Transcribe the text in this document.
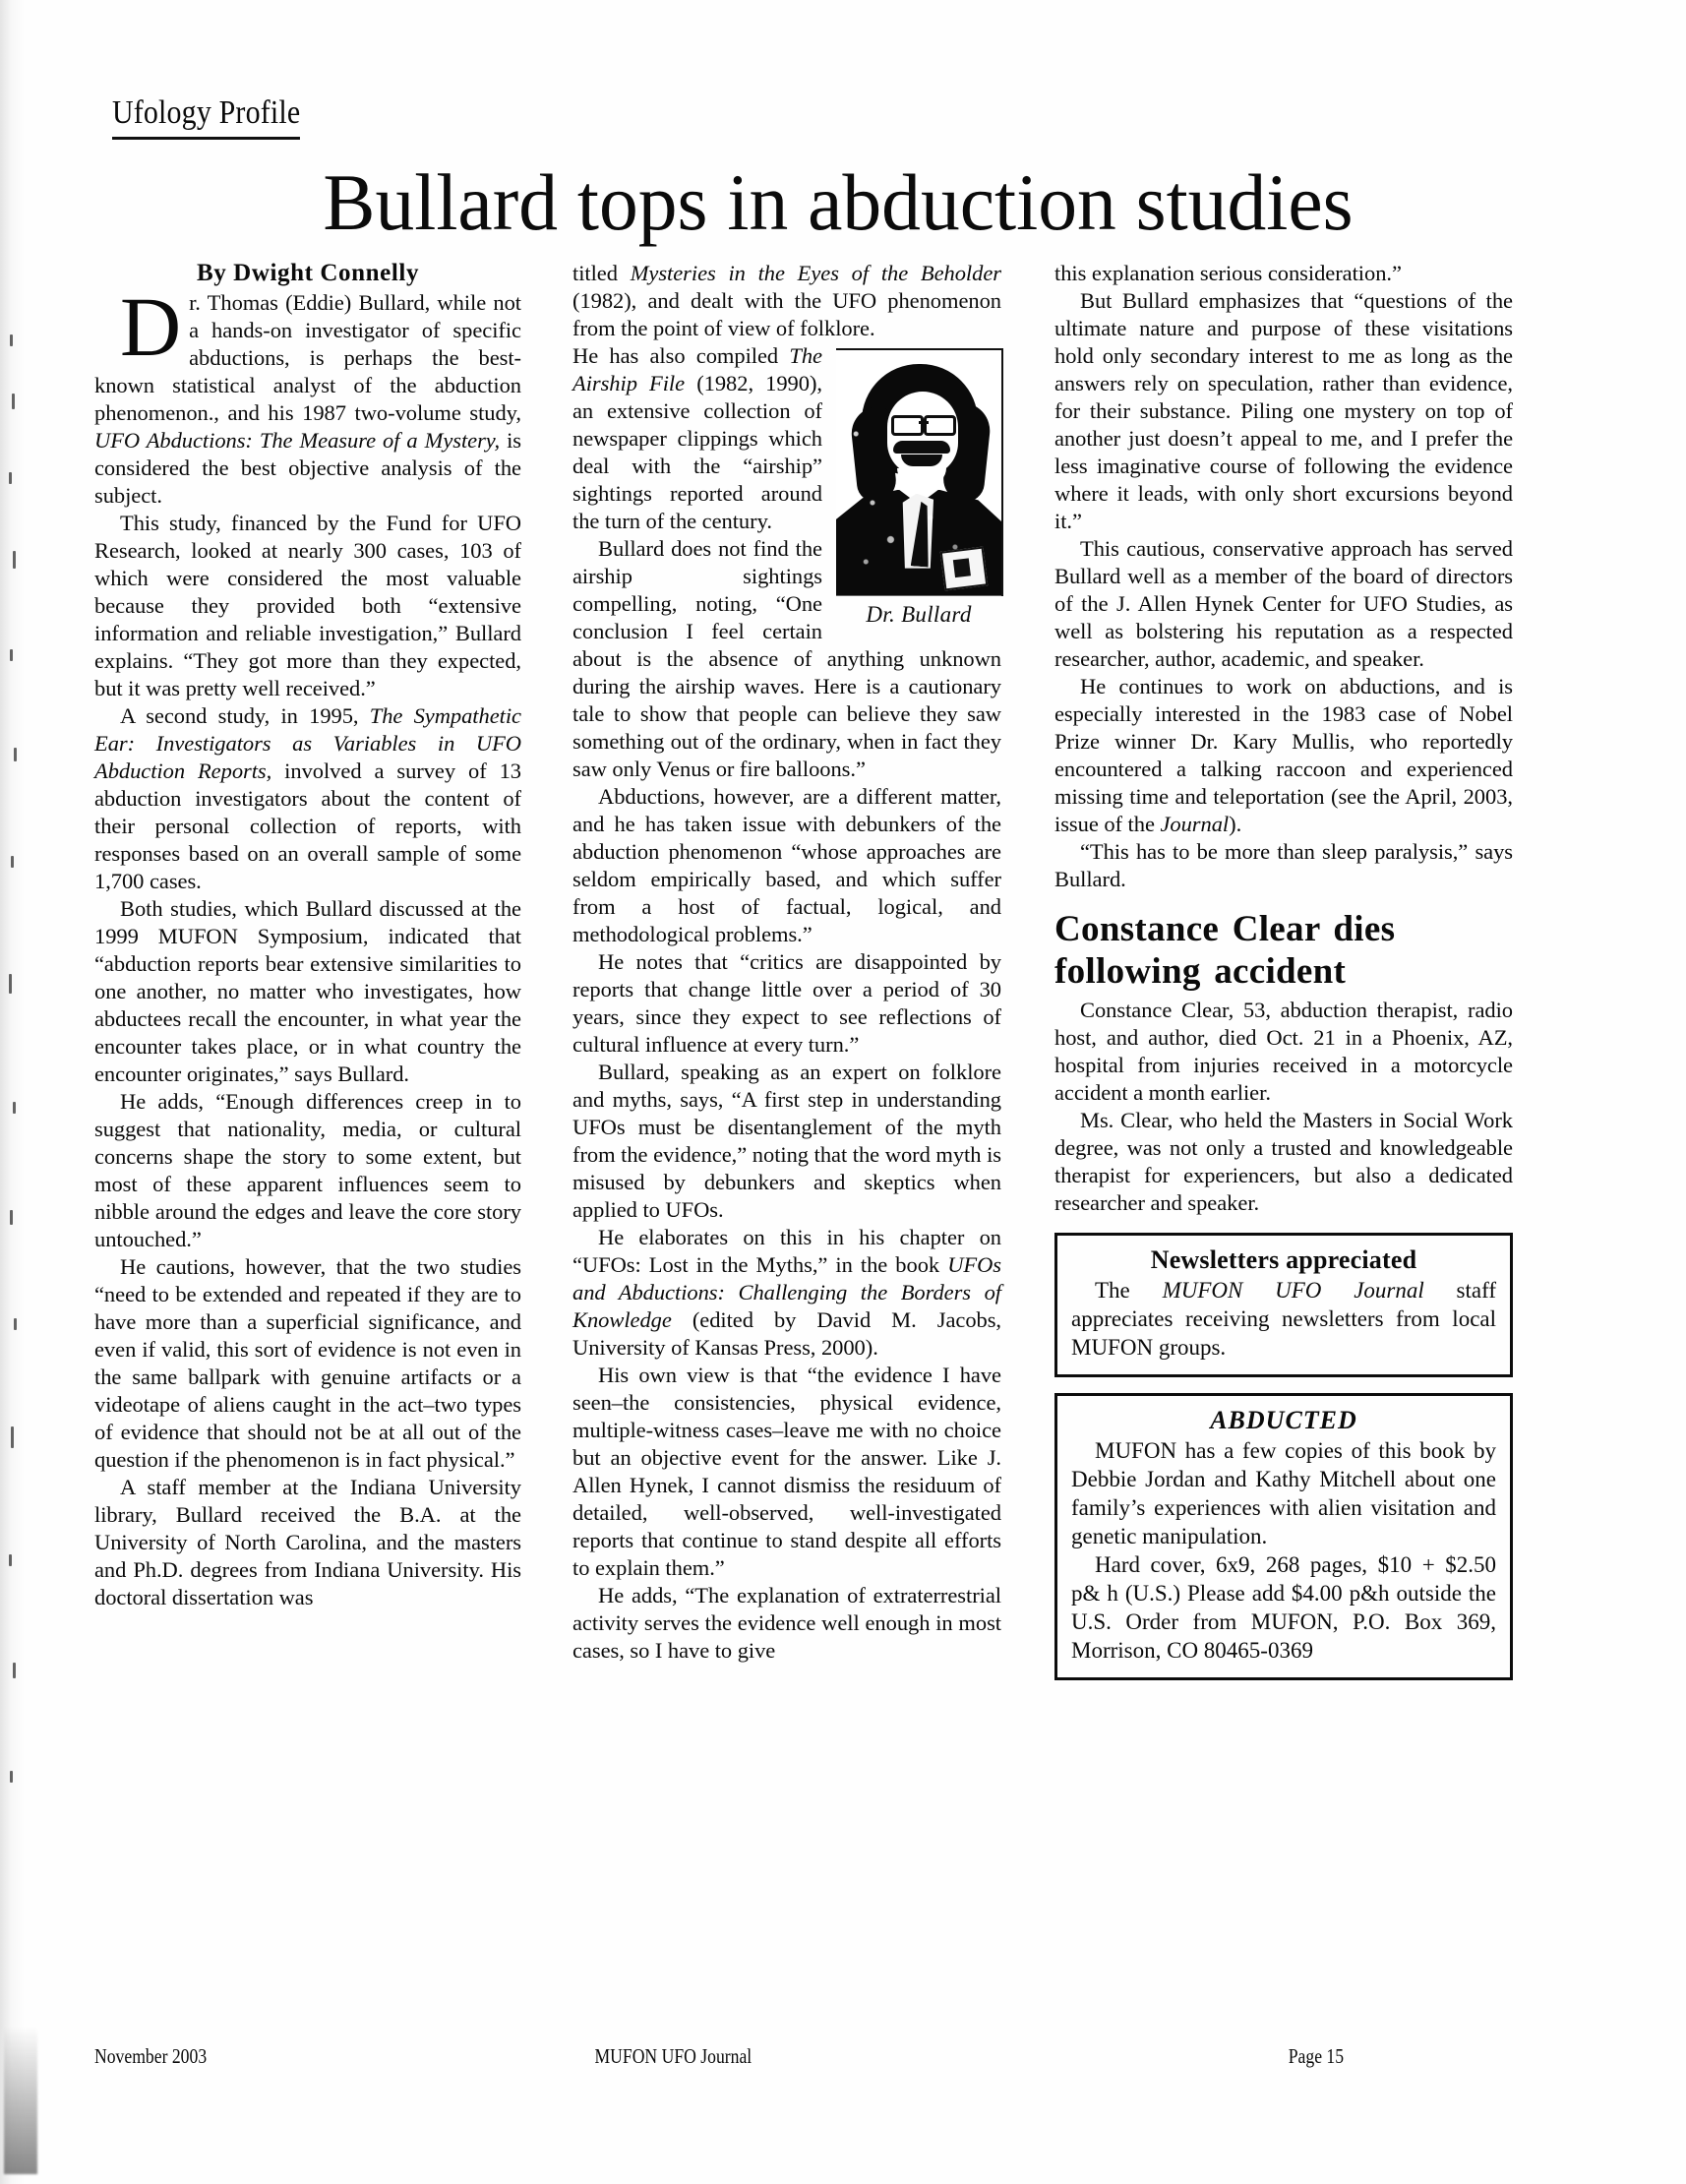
Ufology Profile
Bullard tops in abduction studies
By Dwight Connelly

Dr. Thomas (Eddie) Bullard, while not a hands-on investigator of specific abductions, is perhaps the best-known statistical analyst of the abduction phenomenon., and his 1987 two-volume study, UFO Abductions: The Measure of a Mystery, is considered the best objective analysis of the subject.

This study, financed by the Fund for UFO Research, looked at nearly 300 cases, 103 of which were considered the most valuable because they provided both “extensive information and reliable investigation,” Bullard explains. “They got more than they expected, but it was pretty well received.”

A second study, in 1995, The Sympathetic Ear: Investigators as Variables in UFO Abduction Reports, involved a survey of 13 abduction investigators about the content of their personal collection of reports, with responses based on an overall sample of some 1,700 cases.

Both studies, which Bullard discussed at the 1999 MUFON Symposium, indicated that “abduction reports bear extensive similarities to one another, no matter who investigates, how abductees recall the encounter, in what year the encounter takes place, or in what country the encounter originates,” says Bullard.

He adds, “Enough differences creep in to suggest that nationality, media, or cultural concerns shape the story to some extent, but most of these apparent influences seem to nibble around the edges and leave the core story untouched.”

He cautions, however, that the two studies “need to be extended and repeated if they are to have more than a superficial significance, and even if valid, this sort of evidence is not even in the same ballpark with genuine artifacts or a videotape of aliens caught in the act–two types of evidence that should not be at all out of the question if the phenomenon is in fact physical.”

A staff member at the Indiana University library, Bullard received the B.A. at the University of North Carolina, and the masters and Ph.D. degrees from Indiana University. His doctoral dissertation was

titled Mysteries in the Eyes of the Beholder (1982), and dealt with the UFO phenomenon from the point of view of folklore.

Dr. Bullard

He has also compiled The Airship File (1982, 1990), an extensive collection of newspaper clippings which deal with the “airship” sightings reported around the turn of the century.

Bullard does not find the airship sightings compelling, noting, “One conclusion I feel certain about is the absence of anything unknown during the airship waves. Here is a cautionary tale to show that people can believe they saw something out of the ordinary, when in fact they saw only Venus or fire balloons.”

Abductions, however, are a different matter, and he has taken issue with debunkers of the abduction phenomenon “whose approaches are seldom empirically based, and which suffer from a host of factual, logical, and methodological problems.”

He notes that “critics are disappointed by reports that change little over a period of 30 years, since they expect to see reflections of cultural influence at every turn.”

Bullard, speaking as an expert on folklore and myths, says, “A first step in understanding UFOs must be disentanglement of the myth from the evidence,” noting that the word myth is misused by debunkers and skeptics when applied to UFOs.

He elaborates on this in his chapter on “UFOs: Lost in the Myths,” in the book UFOs and Abductions: Challenging the Borders of Knowledge (edited by David M. Jacobs, University of Kansas Press, 2000).

His own view is that “the evidence I have seen–the consistencies, physical evidence, multiple-witness cases–leave me with no choice but an objective event for the answer. Like J. Allen Hynek, I cannot dismiss the residuum of detailed, well-observed, well-investigated reports that continue to stand despite all efforts to explain them.”

He adds, “The explanation of extraterrestrial activity serves the evidence well enough in most cases, so I have to give

this explanation serious consideration.”

But Bullard emphasizes that “questions of the ultimate nature and purpose of these visitations hold only secondary interest to me as long as the answers rely on speculation, rather than evidence, for their substance. Piling one mystery on top of another just doesn’t appeal to me, and I prefer the less imaginative course of following the evidence where it leads, with only short excursions beyond it.”

This cautious, conservative approach has served Bullard well as a member of the board of directors of the J. Allen Hynek Center for UFO Studies, as well as bolstering his reputation as a respected researcher, author, academic, and speaker.

He continues to work on abductions, and is especially interested in the 1983 case of Nobel Prize winner Dr. Kary Mullis, who reportedly encountered a talking raccoon and experienced missing time and teleportation (see the April, 2003, issue of the Journal).

“This has to be more than sleep paralysis,” says Bullard.

Constance Clear dies following accident

Constance Clear, 53, abduction therapist, radio host, and author, died Oct. 21 in a Phoenix, AZ, hospital from injuries received in a motorcycle accident a month earlier.

Ms. Clear, who held the Masters in Social Work degree, was not only a trusted and knowledgeable therapist for experiencers, but also a dedicated researcher and speaker.

Newsletters appreciated

The MUFON UFO Journal staff appreciates receiving newsletters from local MUFON groups.

ABDUCTED

MUFON has a few copies of this book by Debbie Jordan and Kathy Mitchell about one family’s experiences with alien visitation and genetic manipulation.

Hard cover, 6x9, 268 pages, $10 + $2.50 p& h (U.S.) Please add $4.00 p&h outside the U.S. Order from MUFON, P.O. Box 369, Morrison, CO 80465-0369

November 2003	MUFON UFO Journal	Page 15
